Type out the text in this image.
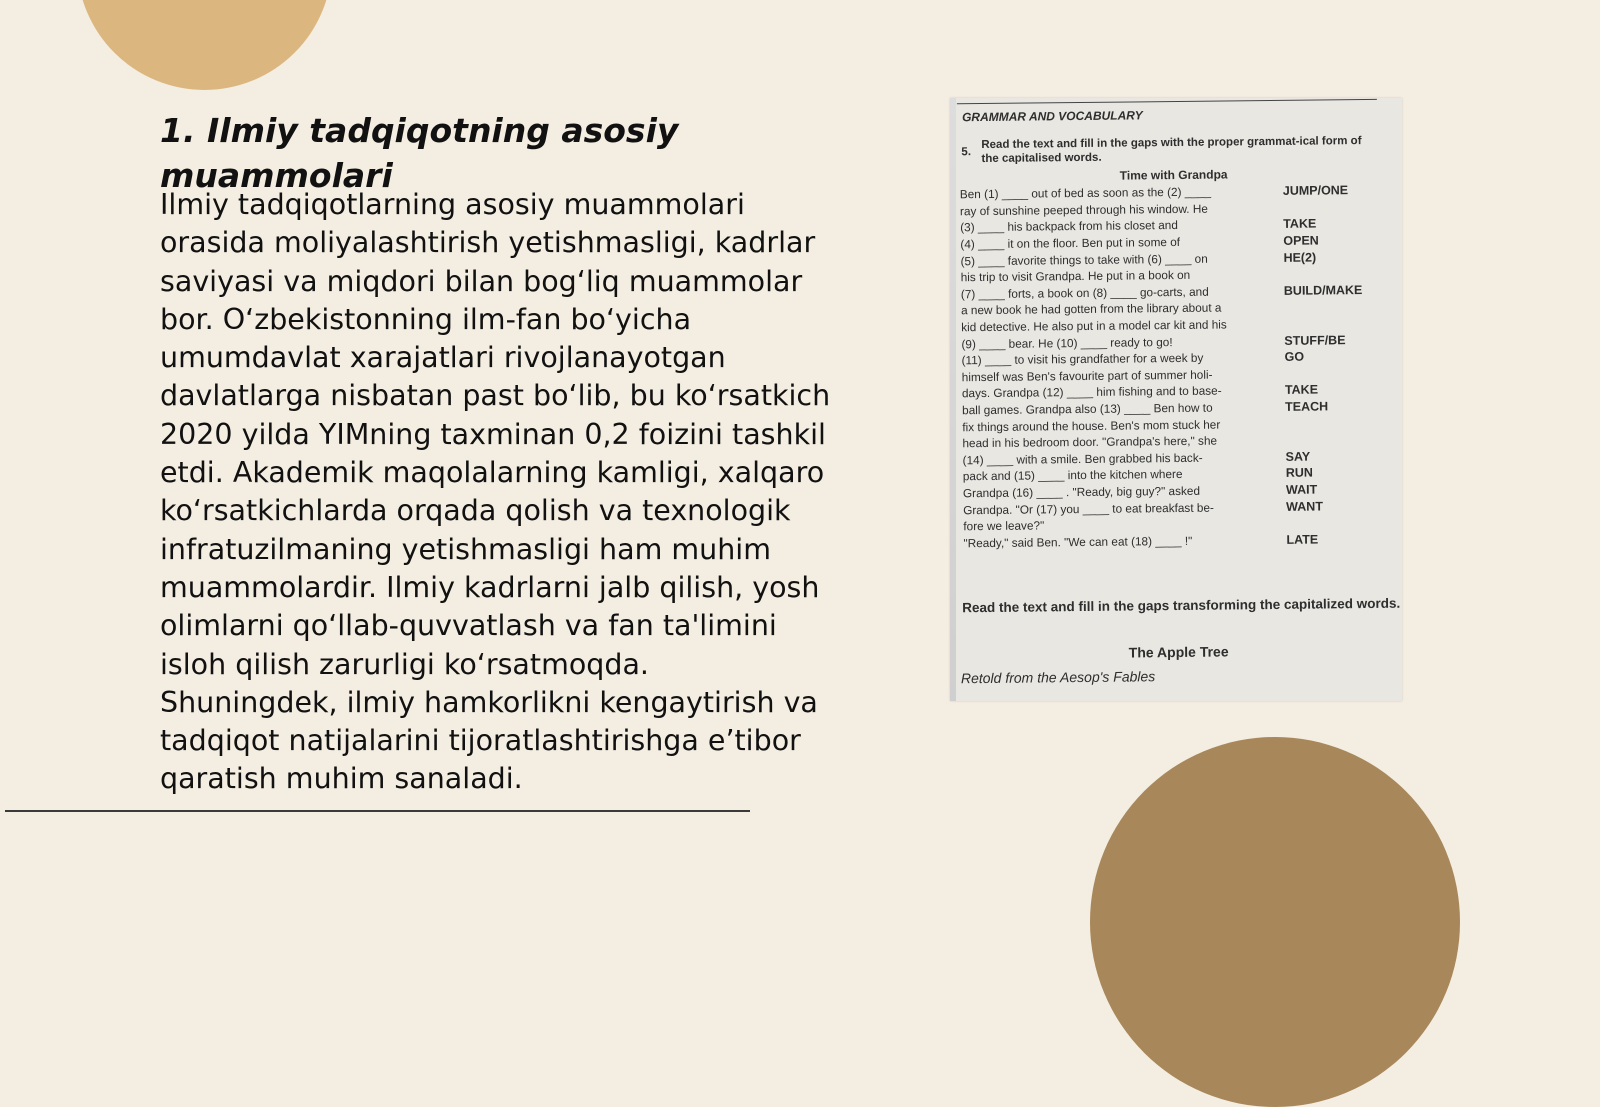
1. Ilmiy tadqiqotning asosiy muammolari

Ilmiy tadqiqotlarning asosiy muammolari orasida moliyalashtirish yetishmasligi, kadrlar saviyasi va miqdori bilan bog‘liq muammolar bor. O‘zbekistonning ilm-fan bo‘yicha umumdavlat xarajatlari rivojlanayotgan davlatlarga nisbatan past bo‘lib, bu ko‘rsatkich 2020 yilda YIMning taxminan 0,2 foizini tashkil etdi. Akademik maqolalarning kamligi, xalqaro ko‘rsatkichlarda orqada qolish va texnologik infratuzilmaning yetishmasligi ham muhim muammolardir. Ilmiy kadrlarni jalb qilish, yosh olimlarni qo‘llab-quvvatlash va fan ta'limini isloh qilish zarurligi ko‘rsatmoqda. Shuningdek, ilmiy hamkorlikni kengaytirish va tadqiqot natijalarini tijoratlashtirishga e’tibor qaratish muhim sanaladi.

GRAMMAR AND VOCABULARY
5.
Read the text and fill in the gaps with the proper grammat-ical form of the capitalised words.
Time with Grandpa
Ben (1) ____ out of bed as soon as the (2) ____	JUMP/ONE
ray of sunshine peeped through his window. He
(3) ____ his backpack from his closet and	TAKE
(4) ____ it on the floor. Ben put in some of	OPEN
(5) ____ favorite things to take with (6) ____ on	HE(2)
his trip to visit Grandpa. He put in a book on
(7) ____ forts, a book on (8) ____ go-carts, and	BUILD/MAKE
a new book he had gotten from the library about a
kid detective. He also put in a model car kit and his
(9) ____ bear. He (10) ____ ready to go!	STUFF/BE
(11) ____ to visit his grandfather for a week by	GO
himself was Ben's favourite part of summer holi-
days. Grandpa (12) ____ him fishing and to base-	TAKE
ball games. Grandpa also (13) ____ Ben how to	TEACH
fix things around the house. Ben's mom stuck her
head in his bedroom door. "Grandpa's here," she
(14) ____ with a smile. Ben grabbed his back-	SAY
pack and (15) ____ into the kitchen where	RUN
Grandpa (16) ____ . "Ready, big guy?" asked	WAIT
Grandpa. "Or (17) you ____ to eat breakfast be-	WANT
fore we leave?"
"Ready," said Ben. "We can eat (18) ____ !"	LATE
Read the text and fill in the gaps transforming the capitalized words.
The Apple Tree
Retold from the Aesop's Fables
